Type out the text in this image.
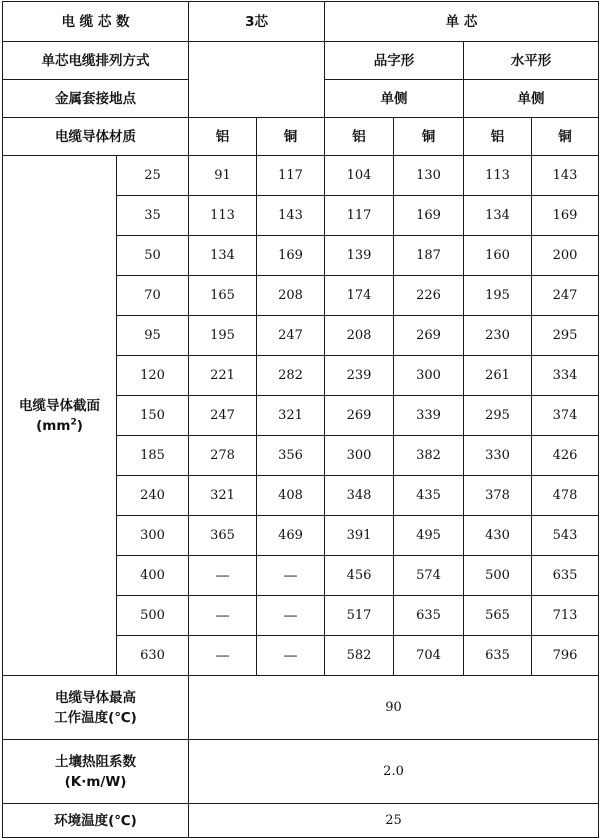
电 缆 芯 数		3芯		单 芯			
单芯电缆排列方式				品字形		水平形	
金属套接地点				单侧		单侧	
电缆导体材质		铝	铜	铝	铜	铝	铜

电缆导体截面
$(mm^2)$	25	91	117	104	130	113	143
	35	113	143	117	169	134	169
	50	134	169	139	187	160	200
	70	165	208	174	226	195	247
	95	195	247	208	269	230	295
	120	221	282	239	300	261	334
	150	247	321	269	339	295	374
	185	278	356	300	382	330	426
	240	321	408	348	435	378	478
	300	365	469	391	495	430	543
	400	—	—	456	574	500	635
	500	—	—	517	635	565	713
	630	—	—	582	704	635	796

电缆导体最高
工作温度(℃)		90					

土壤热阻系数
(K·m/W)		2.0					
环境温度(℃)		25					
